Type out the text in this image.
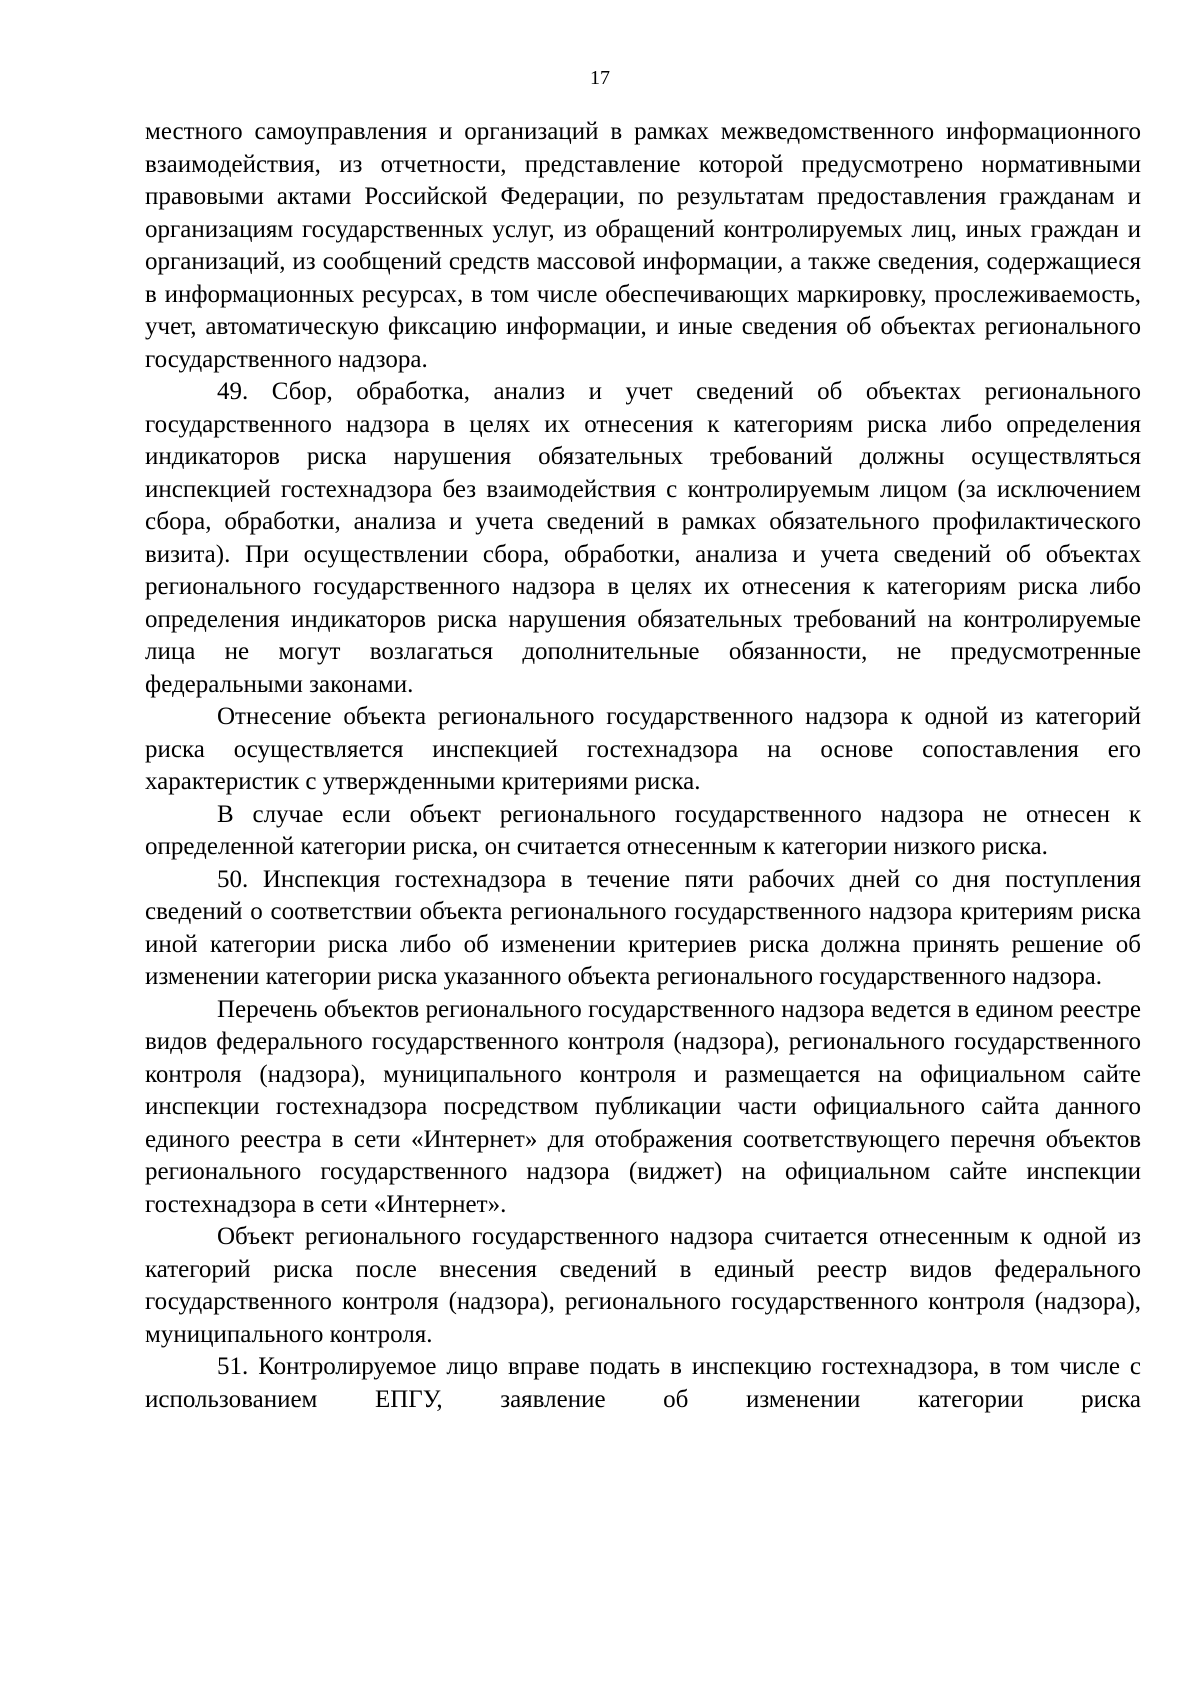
17

местного самоуправления и организаций в рамках межведомственного информационного взаимодействия, из отчетности, представление которой предусмотрено нормативными правовыми актами Российской Федерации, по результатам предоставления гражданам и организациям государственных услуг, из обращений контролируемых лиц, иных граждан и организаций, из сообщений средств массовой информации, а также сведения, содержащиеся в информационных ресурсах, в том числе обеспечивающих маркировку, прослеживаемость, учет, автоматическую фиксацию информации, и иные сведения об объектах регионального государственного надзора.

49. Сбор, обработка, анализ и учет сведений об объектах регионального государственного надзора в целях их отнесения к категориям риска либо определения индикаторов риска нарушения обязательных требований должны осуществляться инспекцией гостехнадзора без взаимодействия с контролируемым лицом (за исключением сбора, обработки, анализа и учета сведений в рамках обязательного профилактического визита). При осуществлении сбора, обработки, анализа и учета сведений об объектах регионального государственного надзора в целях их отнесения к категориям риска либо определения индикаторов риска нарушения обязательных требований на контролируемые лица не могут возлагаться дополнительные обязанности, не предусмотренные федеральными законами.

Отнесение объекта регионального государственного надзора к одной из категорий риска осуществляется инспекцией гостехнадзора на основе сопоставления его характеристик с утвержденными критериями риска.

В случае если объект регионального государственного надзора не отнесен к определенной категории риска, он считается отнесенным к категории низкого риска.

50. Инспекция гостехнадзора в течение пяти рабочих дней со дня поступления сведений о соответствии объекта регионального государственного надзора критериям риска иной категории риска либо об изменении критериев риска должна принять решение об изменении категории риска указанного объекта регионального государственного надзора.

Перечень объектов регионального государственного надзора ведется в едином реестре видов федерального государственного контроля (надзора), регионального государственного контроля (надзора), муниципального контроля и размещается на официальном сайте инспекции гостехнадзора посредством публикации части официального сайта данного единого реестра в сети «Интернет» для отображения соответствующего перечня объектов регионального государственного надзора (виджет) на официальном сайте инспекции гостехнадзора в сети «Интернет».

Объект регионального государственного надзора считается отнесенным к одной из категорий риска после внесения сведений в единый реестр видов федерального государственного контроля (надзора), регионального государственного контроля (надзора), муниципального контроля.

51. Контролируемое лицо вправе подать в инспекцию гостехнадзора, в том числе с использованием ЕПГУ, заявление об изменении категории риска
